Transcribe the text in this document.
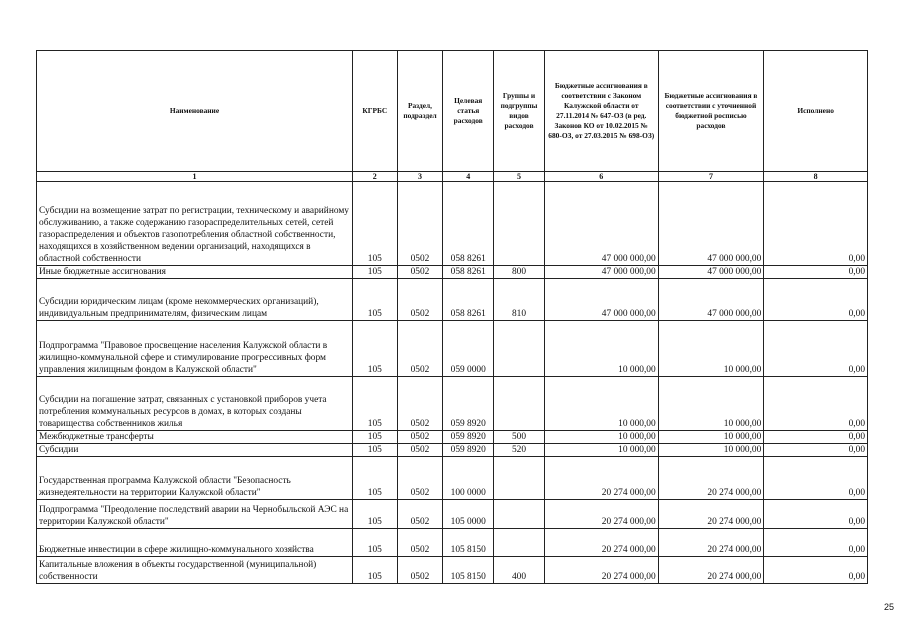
Наименование	КГРБС	Раздел, подраздел	Целевая статья расходов	Группы и подгруппы видов расходов	Бюджетные ассигнования в соответствии с Законом Калужской области от 27.11.2014 № 647-ОЗ (в ред. Законов КО от 10.02.2015 № 680-ОЗ, от 27.03.2015 № 698-ОЗ)	Бюджетные ассигнования в соответствии с уточненной бюджетной росписью расходов	Исполнено
1	2	3	4	5	6	7	8
Субсидии на возмещение затрат по регистрации, техническому и аварийному обслуживанию, а также содержанию газораспределительных сетей, сетей газораспределения и объектов газопотребления областной собственности, находящихся в хозяйственном ведении организаций, находящихся в областной собственности	105	0502	058 8261		47 000 000,00	47 000 000,00	0,00
Иные бюджетные ассигнования	105	0502	058 8261	800	47 000 000,00	47 000 000,00	0,00
Субсидии юридическим лицам (кроме некоммерческих организаций), индивидуальным предпринимателям, физическим лицам	105	0502	058 8261	810	47 000 000,00	47 000 000,00	0,00
Подпрограмма "Правовое просвещение населения Калужской области в жилищно-коммунальной сфере и стимулирование прогрессивных форм управления жилищным фондом в Калужской области"	105	0502	059 0000		10 000,00	10 000,00	0,00
Субсидии на погашение затрат, связанных с установкой приборов учета потребления коммунальных ресурсов в домах, в которых созданы товарищества собственников жилья	105	0502	059 8920		10 000,00	10 000,00	0,00
Межбюджетные трансферты	105	0502	059 8920	500	10 000,00	10 000,00	0,00
Субсидии	105	0502	059 8920	520	10 000,00	10 000,00	0,00
Государственная программа Калужской области "Безопасность жизнедеятельности на территории Калужской области"	105	0502	100 0000		20 274 000,00	20 274 000,00	0,00
Подпрограмма "Преодоление последствий аварии на Чернобыльской АЭС на территории Калужской области"	105	0502	105 0000		20 274 000,00	20 274 000,00	0,00
Бюджетные инвестиции в сфере жилищно-коммунального хозяйства	105	0502	105 8150		20 274 000,00	20 274 000,00	0,00
Капитальные вложения в объекты государственной (муниципальной) собственности	105	0502	105 8150	400	20 274 000,00	20 274 000,00	0,00
25
